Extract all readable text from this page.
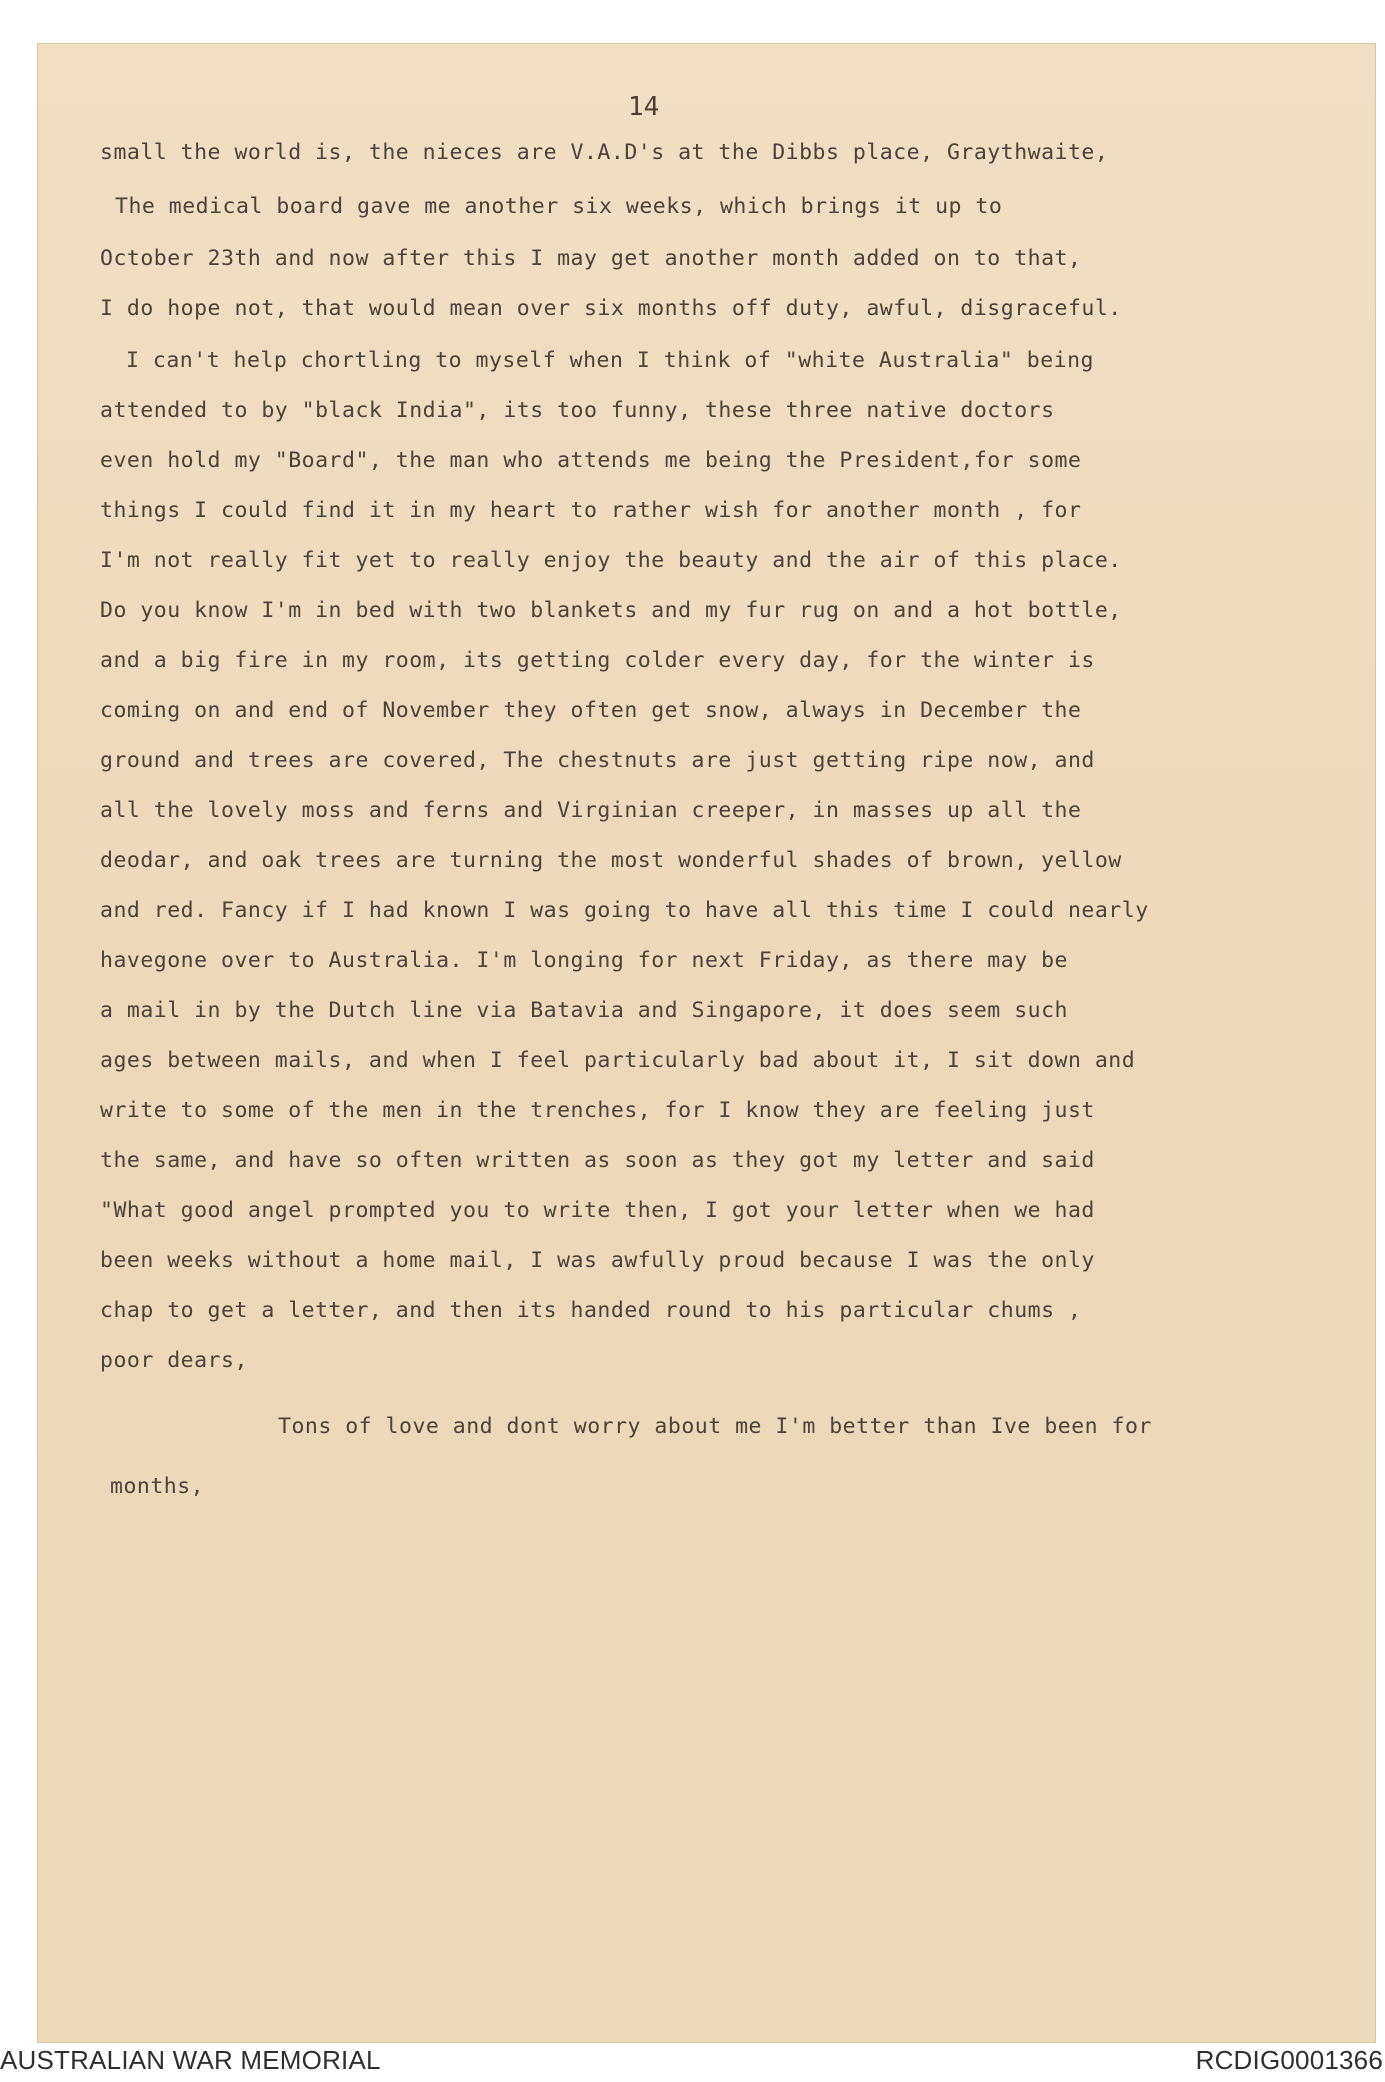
14
small the world is, the nieces are V.A.D's at the Dibbs place, Graythwaite,
The medical board gave me another six weeks, which brings it up to
October 23th and now after this I may get another month added on to that,
I do hope not, that would mean over six months off duty, awful, disgraceful.
I can't help chortling to myself when I think of "white Australia" being
attended to by "black India", its too funny, these three native doctors
even hold my "Board", the man who attends me being the President,for some
things I could find it in my heart to rather wish for another month , for
I'm not really fit yet to really enjoy the beauty and the air of this place.
Do you know I'm in bed with two blankets and my fur rug on and a hot bottle,
and a big fire in my room, its getting colder every day, for the winter is
coming on and end of November they often get snow, always in December the
ground and trees are covered, The chestnuts are just getting ripe now, and
all the lovely moss and ferns and Virginian creeper, in masses up all the
deodar, and oak trees are turning the most wonderful shades of brown, yellow
and red. Fancy if I had known I was going to have all this time I could nearly
havegone over to Australia. I'm longing for next Friday, as there may be
a mail in by the Dutch line via Batavia and Singapore, it does seem such
ages between mails, and when I feel particularly bad about it, I sit down and
write to some of the men in the trenches, for I know they are feeling just
the same, and have so often written as soon as they got my letter and said
"What good angel prompted you to write then, I got your letter when we had
been weeks without a home mail, I was awfully proud because I was the only
chap to get a letter, and then its handed round to his particular chums ,
poor dears,
Tons of love and dont worry about me I'm better than Ive been for
months,
AUSTRALIAN WAR MEMORIAL	RCDIG0001366
